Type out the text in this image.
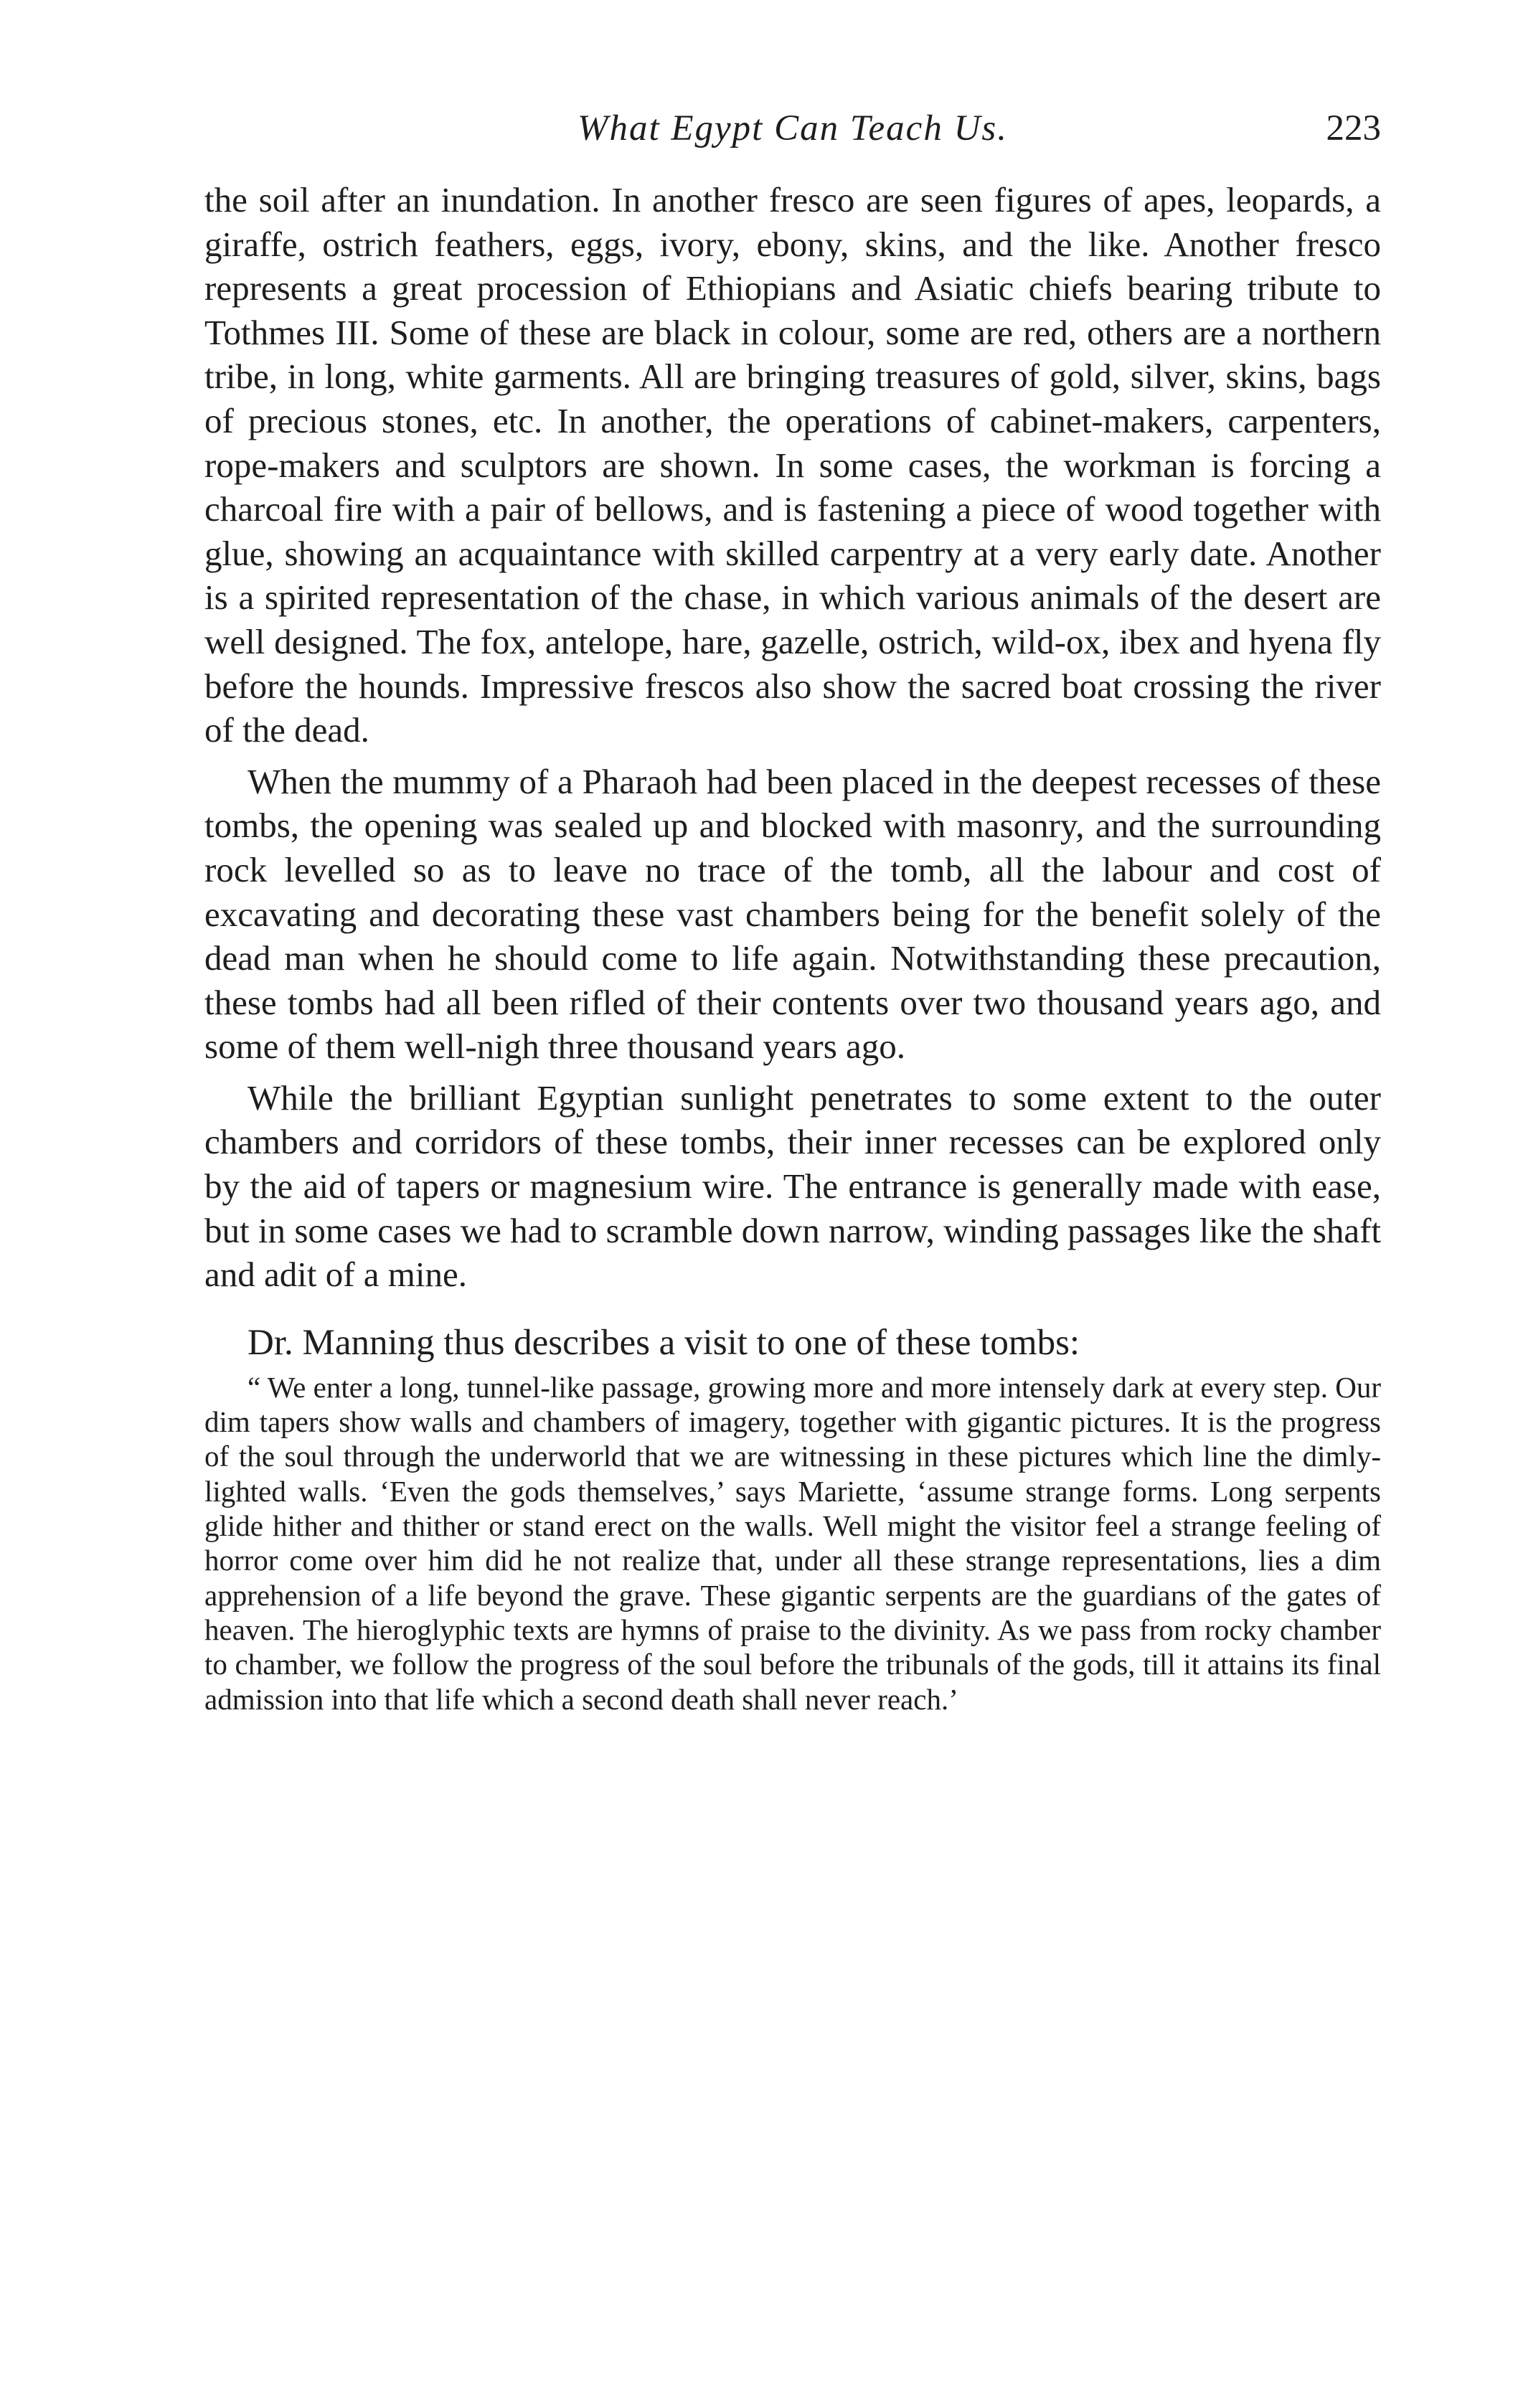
What Egypt Can Teach Us.	223

the soil after an inundation. In another fresco are seen figures of apes, leopards, a giraffe, ostrich feathers, eggs, ivory, ebony, skins, and the like. Another fresco represents a great procession of Ethiopians and Asiatic chiefs bearing tribute to Tothmes III. Some of these are black in colour, some are red, others are a northern tribe, in long, white garments. All are bringing treasures of gold, silver, skins, bags of precious stones, etc. In another, the operations of cabinet-makers, carpenters, rope-makers and sculptors are shown. In some cases, the workman is forcing a charcoal fire with a pair of bellows, and is fastening a piece of wood together with glue, showing an acquaintance with skilled carpentry at a very early date. Another is a spirited representation of the chase, in which various animals of the desert are well designed. The fox, antelope, hare, gazelle, ostrich, wild-ox, ibex and hyena fly before the hounds. Impressive frescos also show the sacred boat crossing the river of the dead.

When the mummy of a Pharaoh had been placed in the deepest recesses of these tombs, the opening was sealed up and blocked with masonry, and the surrounding rock levelled so as to leave no trace of the tomb, all the labour and cost of excavating and decorating these vast chambers being for the benefit solely of the dead man when he should come to life again. Notwithstanding these precaution, these tombs had all been rifled of their contents over two thousand years ago, and some of them well-nigh three thousand years ago.

While the brilliant Egyptian sunlight penetrates to some extent to the outer chambers and corridors of these tombs, their inner recesses can be explored only by the aid of tapers or magnesium wire. The entrance is generally made with ease, but in some cases we had to scramble down narrow, winding passages like the shaft and adit of a mine.

Dr. Manning thus describes a visit to one of these tombs:

“ We enter a long, tunnel-like passage, growing more and more intensely dark at every step. Our dim tapers show walls and chambers of imagery, together with gigantic pictures. It is the progress of the soul through the underworld that we are witnessing in these pictures which line the dimly-lighted walls. ‘Even the gods themselves,’ says Mariette, ‘assume strange forms. Long serpents glide hither and thither or stand erect on the walls. Well might the visitor feel a strange feeling of horror come over him did he not realize that, under all these strange representations, lies a dim apprehension of a life beyond the grave. These gigantic serpents are the guardians of the gates of heaven. The hieroglyphic texts are hymns of praise to the divinity. As we pass from rocky chamber to chamber, we follow the progress of the soul before the tribunals of the gods, till it attains its final admission into that life which a second death shall never reach.’
